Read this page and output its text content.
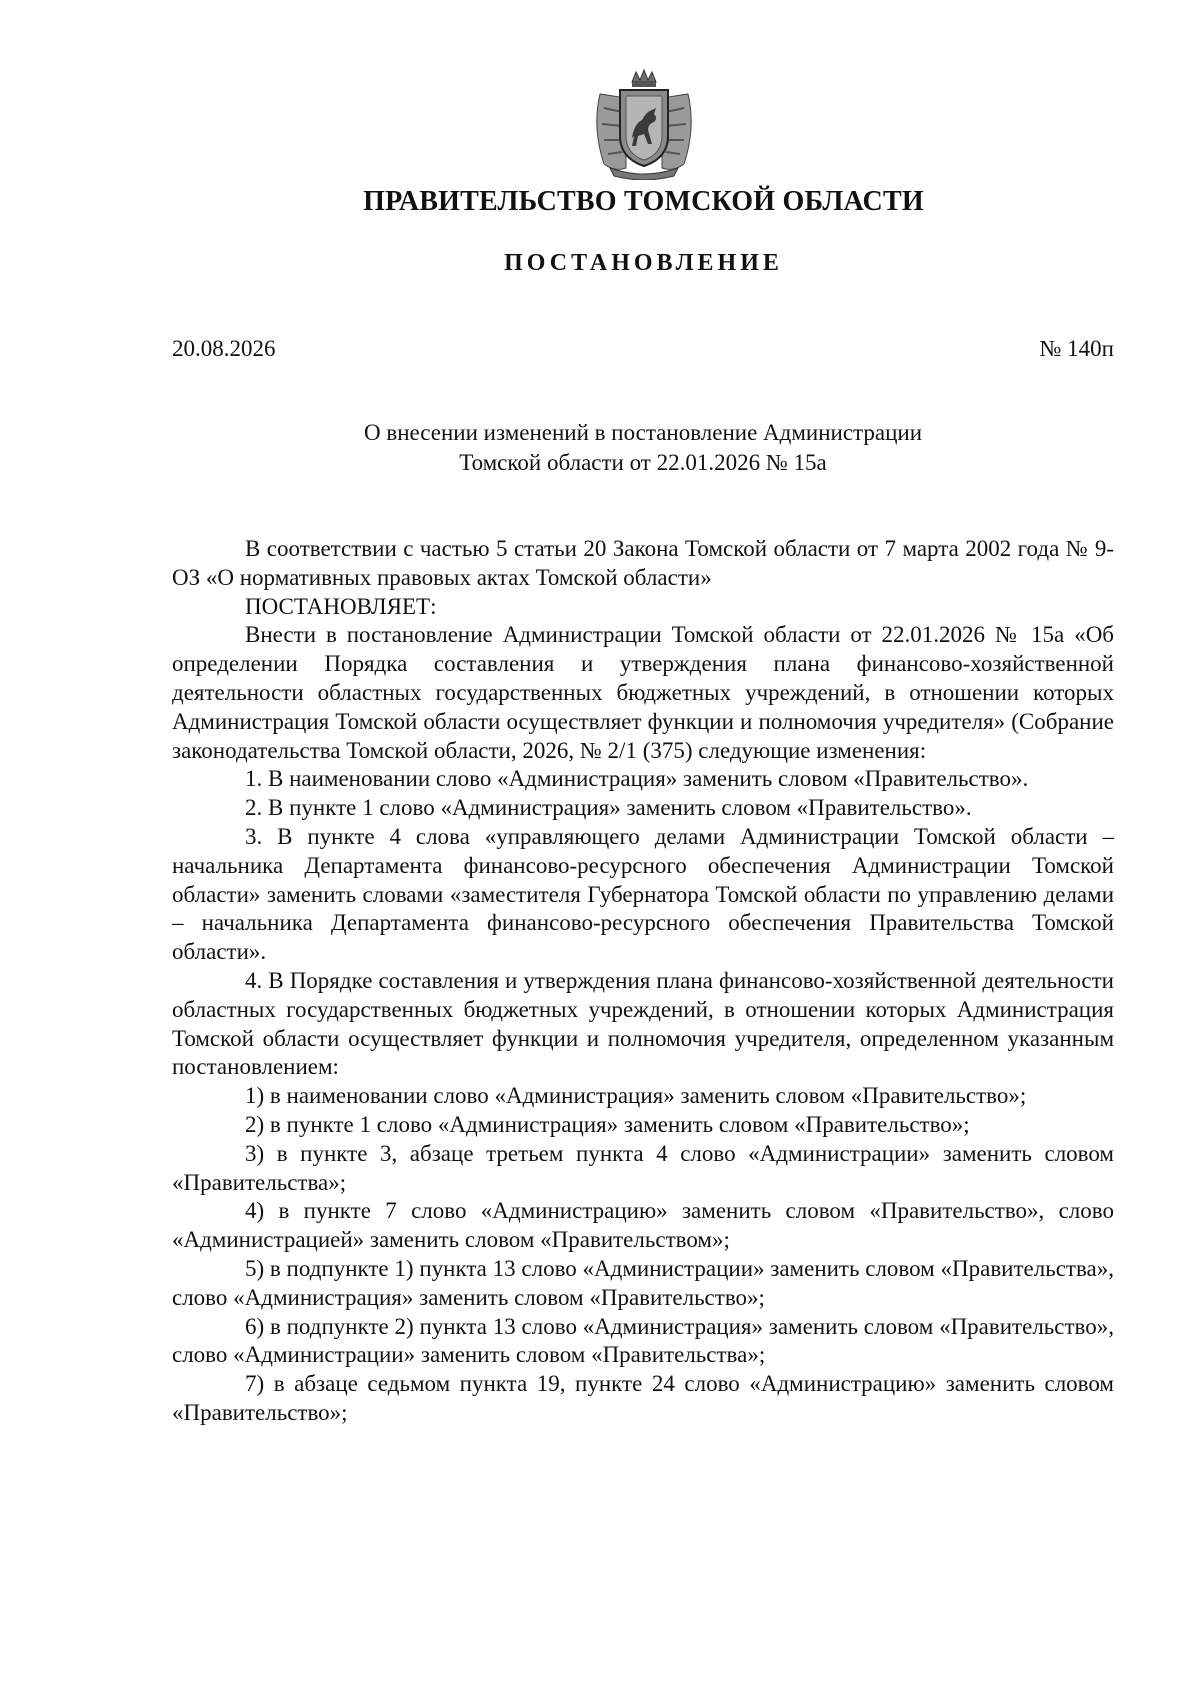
ПРАВИТЕЛЬСТВО ТОМСКОЙ ОБЛАСТИ
ПОСТАНОВЛЕНИЕ
20.08.2026	№ 140п
О внесении изменений в постановление Администрации
Томской области от 22.01.2026 № 15а

В соответствии с частью 5 статьи 20 Закона Томской области от 7 марта 2002 года № 9-ОЗ «О нормативных правовых актах Томской области»

ПОСТАНОВЛЯЕТ:

Внести в постановление Администрации Томской области от 22.01.2026 № 15а «Об определении Порядка составления и утверждения плана финансово-хозяйственной деятельности областных государственных бюджетных учреждений, в отношении которых Администрация Томской области осуществляет функции и полномочия учредителя» (Собрание законодательства Томской области, 2026, № 2/1 (375) следующие изменения:

1. В наименовании слово «Администрация» заменить словом «Правительство».

2. В пункте 1 слово «Администрация» заменить словом «Правительство».

3. В пункте 4 слова «управляющего делами Администрации Томской области – начальника Департамента финансово-ресурсного обеспечения Администрации Томской области» заменить словами «заместителя Губернатора Томской области по управлению делами – начальника Департамента финансово-ресурсного обеспечения Правительства Томской области».

4. В Порядке составления и утверждения плана финансово-хозяйственной деятельности областных государственных бюджетных учреждений, в отношении которых Администрация Томской области осуществляет функции и полномочия учредителя, определенном указанным постановлением:

1) в наименовании слово «Администрация» заменить словом «Правительство»;

2) в пункте 1 слово «Администрация» заменить словом «Правительство»;

3) в пункте 3, абзаце третьем пункта 4 слово «Администрации» заменить словом «Правительства»;

4) в пункте 7 слово «Администрацию» заменить словом «Правительство», слово «Администрацией» заменить словом «Правительством»;

5) в подпункте 1) пункта 13 слово «Администрации» заменить словом «Правительства», слово «Администрация» заменить словом «Правительство»;

6) в подпункте 2) пункта 13 слово «Администрация» заменить словом «Правительство», слово «Администрации» заменить словом «Правительства»;

7) в абзаце седьмом пункта 19, пункте 24 слово «Администрацию» заменить словом «Правительство»;
